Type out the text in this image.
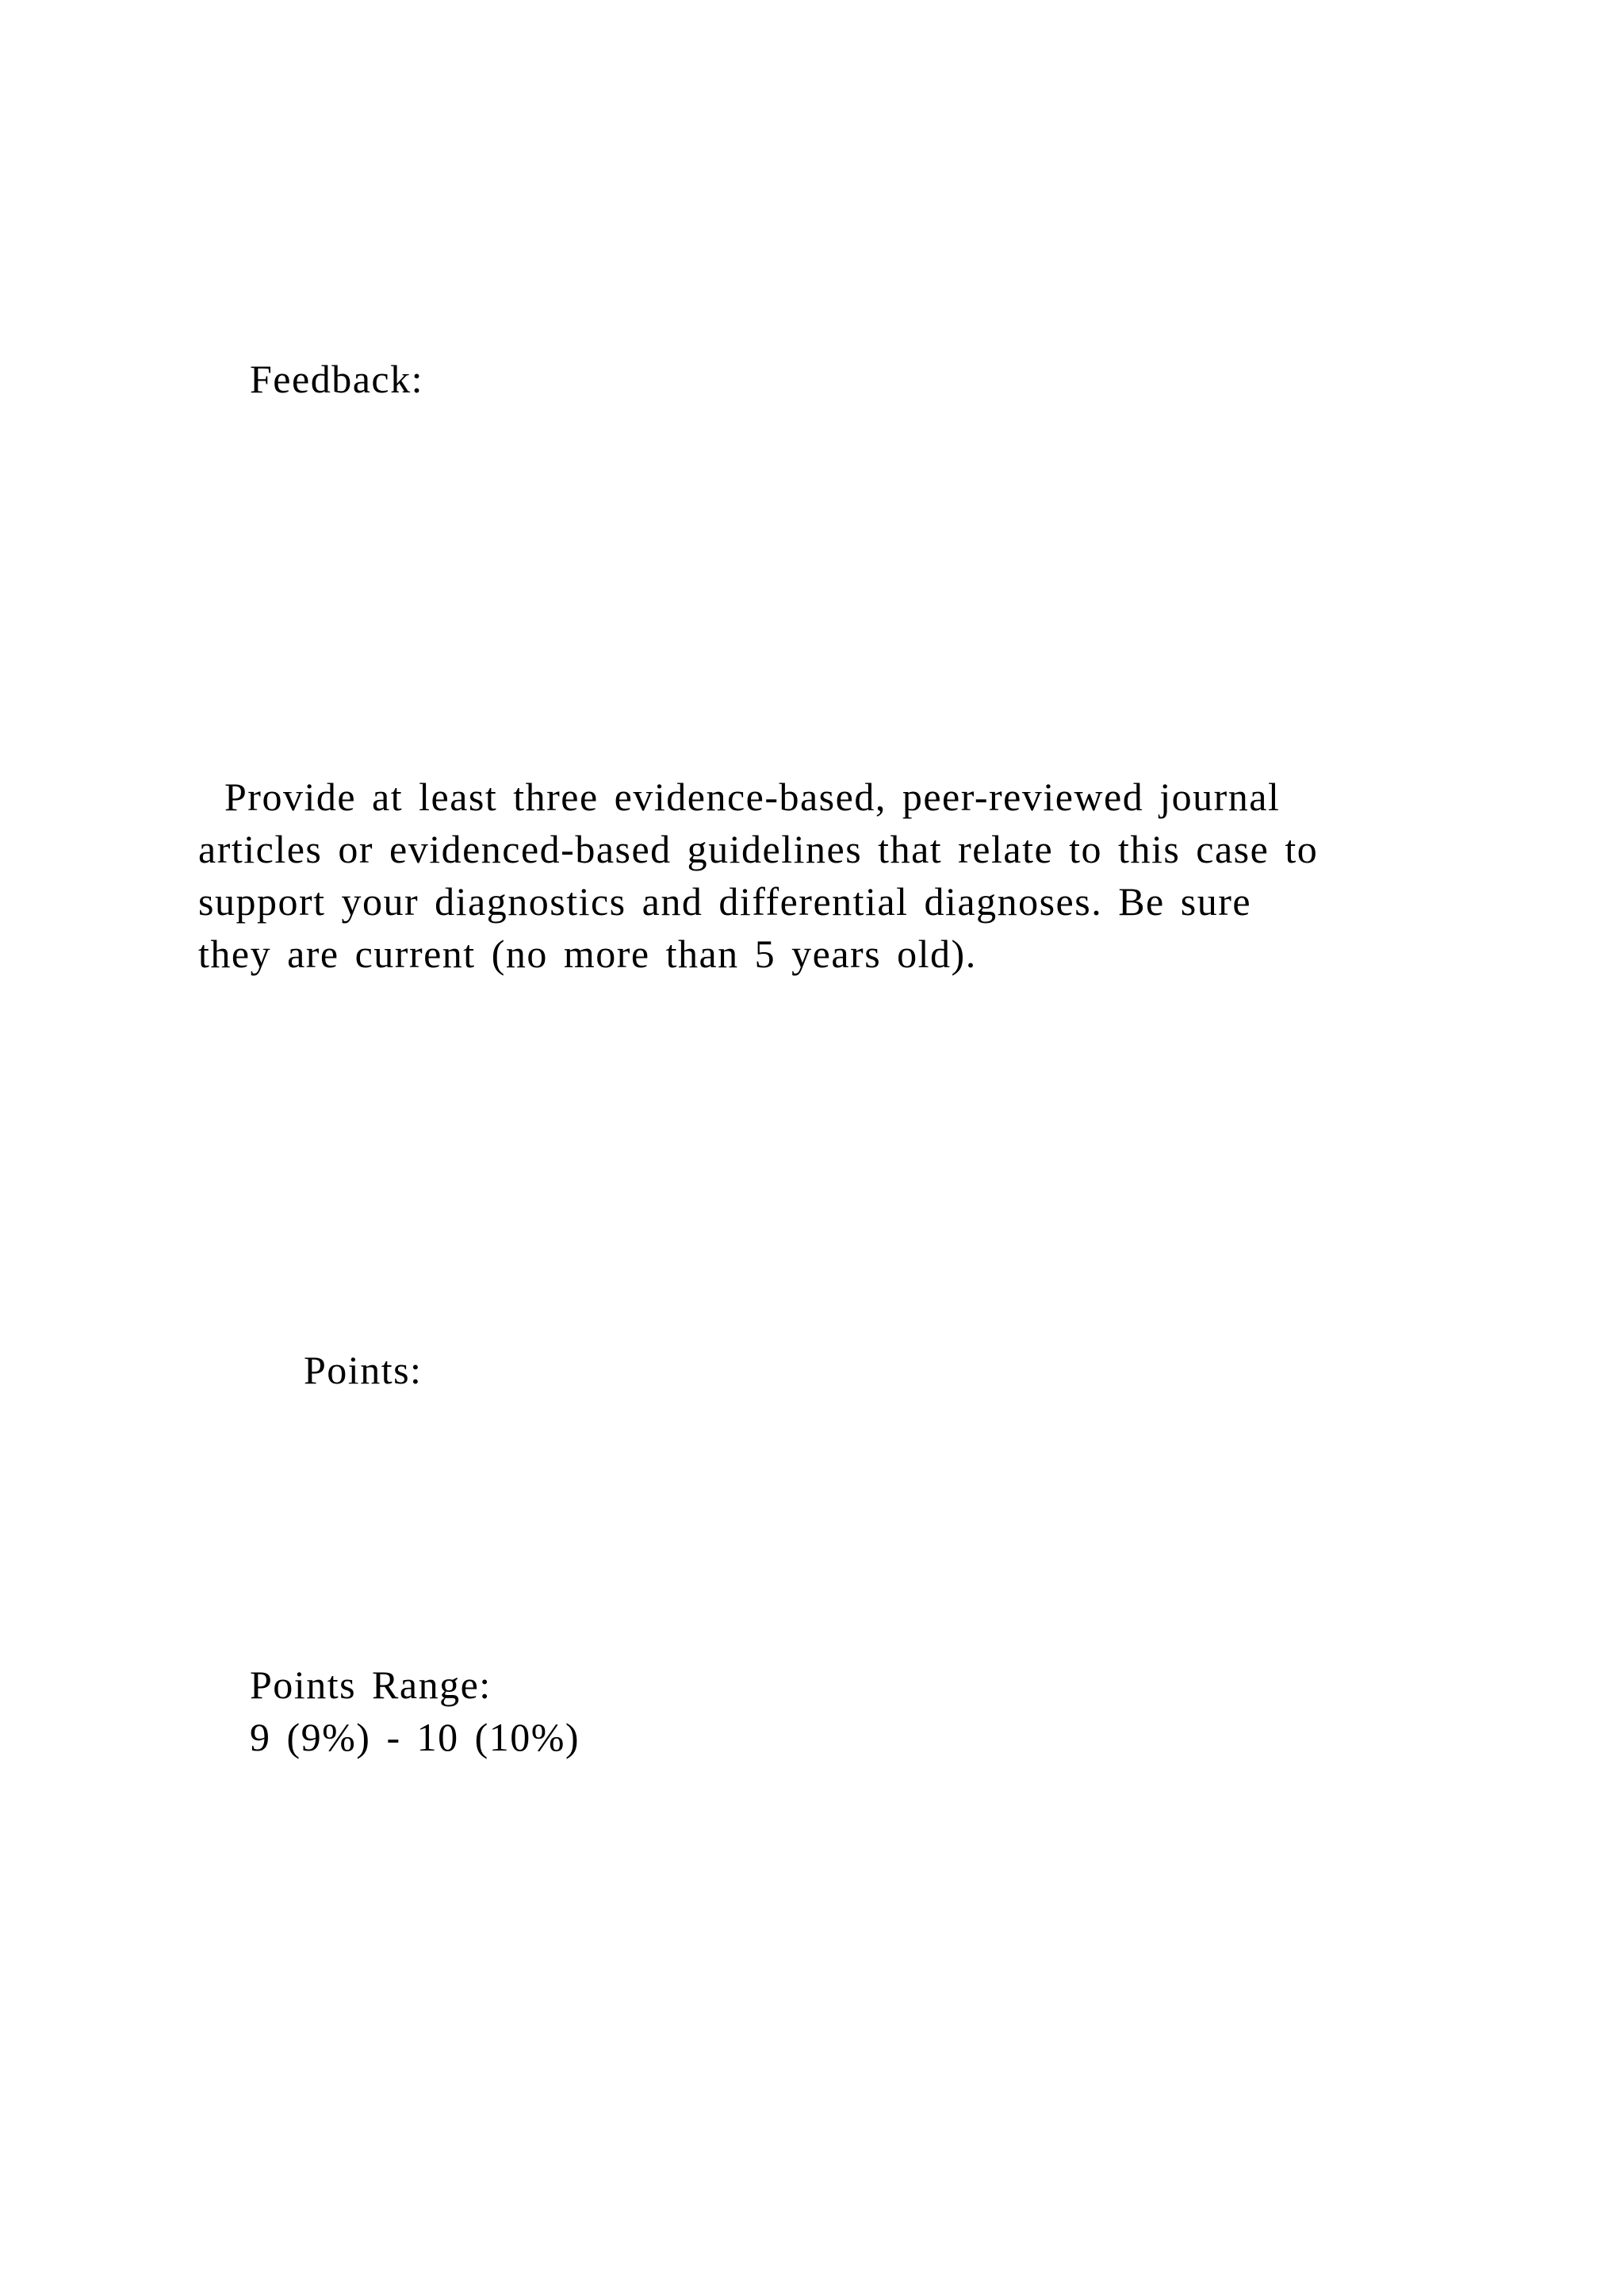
Feedback:

Provide at least three evidence-based, peer-reviewed journal

articles or evidenced-based guidelines that relate to this case to

support your diagnostics and differential diagnoses. Be sure

they are current (no more than 5 years old).

Points:

Points Range:

9 (9%) - 10 (10%)
